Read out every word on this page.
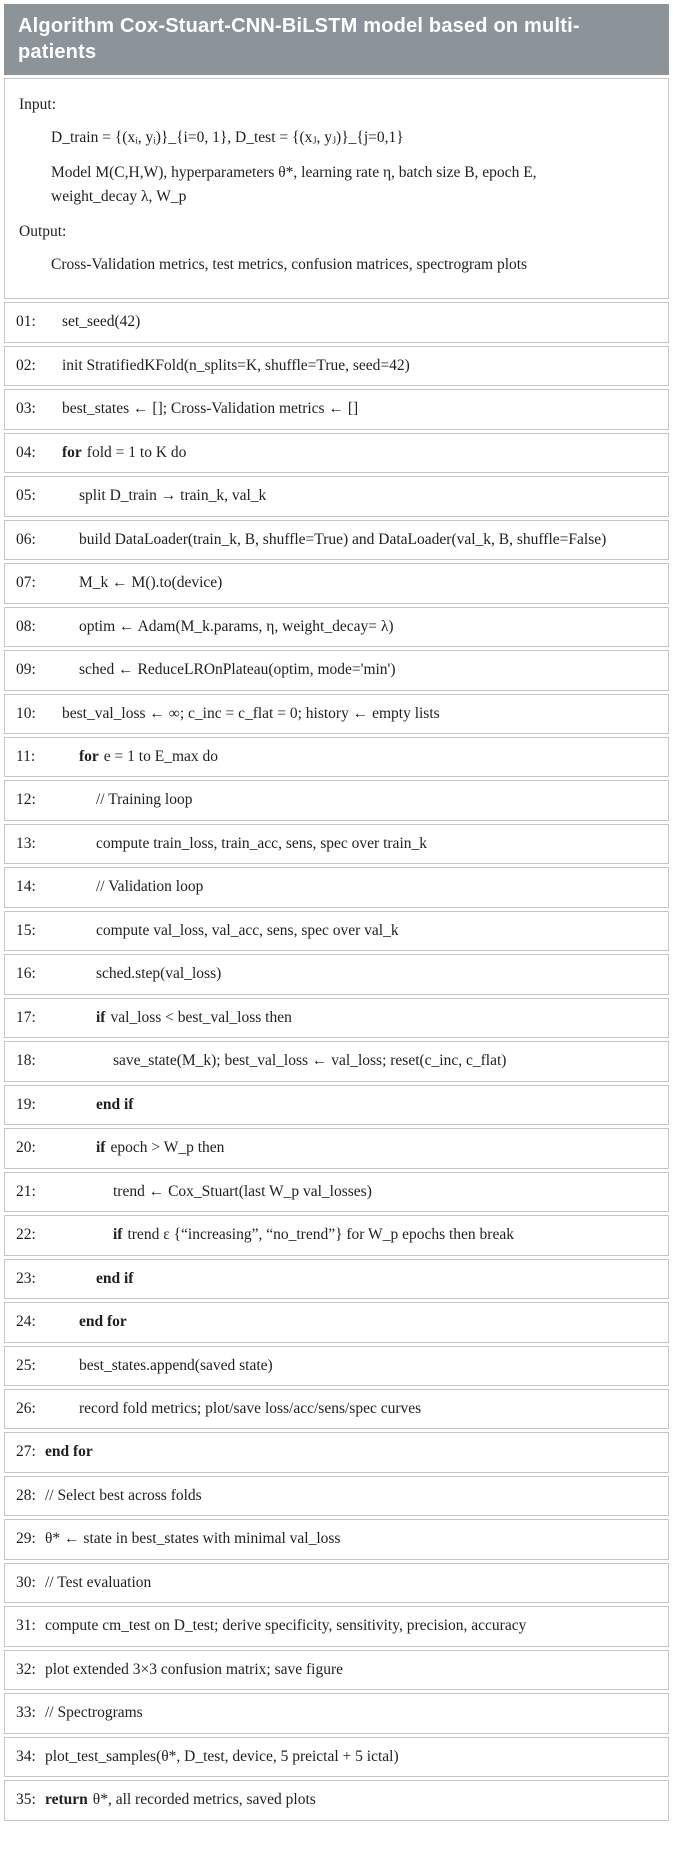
Algorithm Cox-Stuart-CNN-BiLSTM model based on multi-patients
Input:
D_train = {(xᵢ, yᵢ)}_{i=0, 1}, D_test = {(xⱼ, yⱼ)}_{j=0,1}
Model M(C,H,W), hyperparameters θ*, learning rate η, batch size B, epoch E, weight_decay λ, W_p
Output:
Cross-Validation metrics, test metrics, confusion matrices, spectrogram plots
01:	set_seed(42)
02:	init StratifiedKFold(n_splits=K, shuffle=True, seed=42)
03:	best_states ← []; Cross-Validation metrics ← []
04:	for fold = 1 to K do
05:	split D_train → train_k, val_k
06:	build DataLoader(train_k, B, shuffle=True) and DataLoader(val_k, B, shuffle=False)
07:	M_k ← M().to(device)
08:	optim ← Adam(M_k.params, η, weight_decay= λ)
09:	sched ← ReduceLROnPlateau(optim, mode='min')
10:	best_val_loss ← ∞; c_inc = c_flat = 0; history ← empty lists
11:	for e = 1 to E_max do
12:	// Training loop
13:	compute train_loss, train_acc, sens, spec over train_k
14:	// Validation loop
15:	compute val_loss, val_acc, sens, spec over val_k
16:	sched.step(val_loss)
17:	if val_loss < best_val_loss then
18:	save_state(M_k); best_val_loss ← val_loss; reset(c_inc, c_flat)
19:	end if
20:	if epoch > W_p then
21:	trend ← Cox_Stuart(last W_p val_losses)
22:	if trend ε {“increasing”, “no_trend”} for W_p epochs then break
23:	end if
24:	end for
25:	best_states.append(saved state)
26:	record fold metrics; plot/save loss/acc/sens/spec curves
27: end for
28: // Select best across folds
29: θ* ← state in best_states with minimal val_loss
30: // Test evaluation
31: compute cm_test on D_test; derive specificity, sensitivity, precision, accuracy
32: plot extended 3×3 confusion matrix; save figure
33: // Spectrograms
34: plot_test_samples(θ*, D_test, device, 5 preictal + 5 ictal)
35: return θ*, all recorded metrics, saved plots
